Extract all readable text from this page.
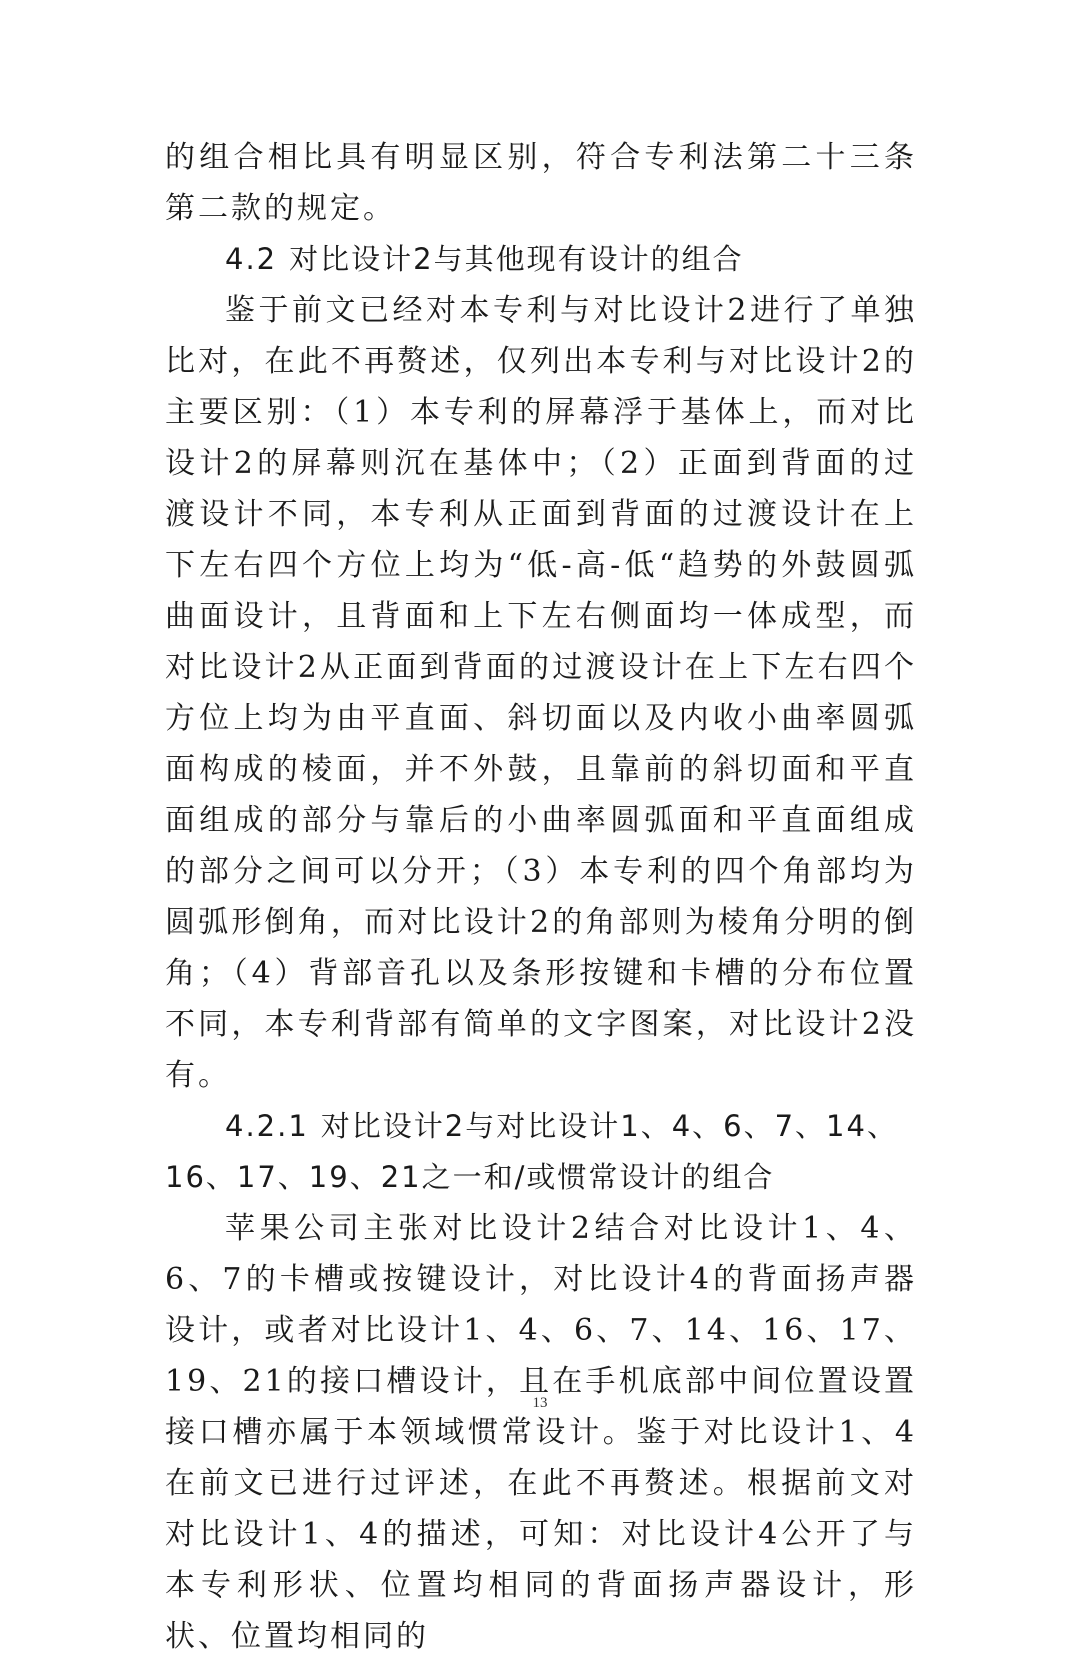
的组合相比具有明显区别，符合专利法第二十三条第二款的规定。

4.2 对比设计2与其他现有设计的组合

鉴于前文已经对本专利与对比设计2进行了单独比对，在此不再赘述，仅列出本专利与对比设计2的主要区别：（1）本专利的屏幕浮于基体上，而对比设计2的屏幕则沉在基体中；（2）正面到背面的过渡设计不同，本专利从正面到背面的过渡设计在上下左右四个方位上均为“低-高-低“趋势的外鼓圆弧曲面设计，且背面和上下左右侧面均一体成型，而对比设计2从正面到背面的过渡设计在上下左右四个方位上均为由平直面、斜切面以及内收小曲率圆弧面构成的棱面，并不外鼓，且靠前的斜切面和平直面组成的部分与靠后的小曲率圆弧面和平直面组成的部分之间可以分开；（3）本专利的四个角部均为圆弧形倒角，而对比设计2的角部则为棱角分明的倒角；（4）背部音孔以及条形按键和卡槽的分布位置不同，本专利背部有简单的文字图案，对比设计2没有。

4.2.1 对比设计2与对比设计1、4、6、7、14、16、17、19、21之一和/或惯常设计的组合

苹果公司主张对比设计2结合对比设计1、4、6、7的卡槽或按键设计，对比设计4的背面扬声器设计，或者对比设计1、4、6、7、14、16、17、19、21的接口槽设计，且在手机底部中间位置设置接口槽亦属于本领域惯常设计。鉴于对比设计1、4在前文已进行过评述，在此不再赘述。根据前文对对比设计1、4的描述，可知：对比设计4公开了与本专利形状、位置均相同的背面扬声器设计，形状、位置均相同的

13
